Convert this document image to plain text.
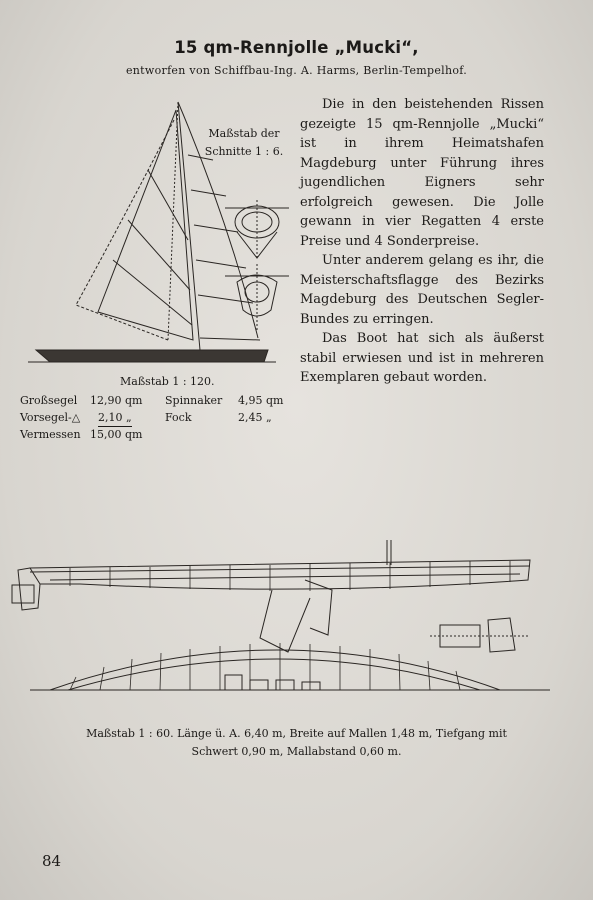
15 qm-Rennjolle „Mucki“,
entworfen von Schiffbau-Ing. A. Harms, Berlin-Tempelhof.
Maßstab der
Schnitte 1 : 6.
Maßstab 1 : 120.
Großsegel 12,90 qm Spinnaker 4,95 qm
Vorsegel-△ 2,10 „	Fock	2,45 „
Vermessen 15,00 qm

Die in den beistehenden Rissen gezeigte 15 qm-Rennjolle „Mucki“ ist in ihrem Heimatshafen Magdeburg unter Führung ihres jugendlichen Eigners sehr erfolgreich gewesen. Die Jolle gewann in vier Regatten 4 erste Preise und 4 Sonderpreise.

Unter anderem gelang es ihr, die Meisterschaftsflagge des Bezirks Magdeburg des Deutschen Segler-Bundes zu erringen.

Das Boot hat sich als äußerst stabil erwiesen und ist in mehreren Exemplaren gebaut worden.

Maßstab 1 : 60. Länge ü. A. 6,40 m, Breite auf Mallen 1,48 m, Tiefgang mit
Schwert 0,90 m, Mallabstand 0,60 m.
84
